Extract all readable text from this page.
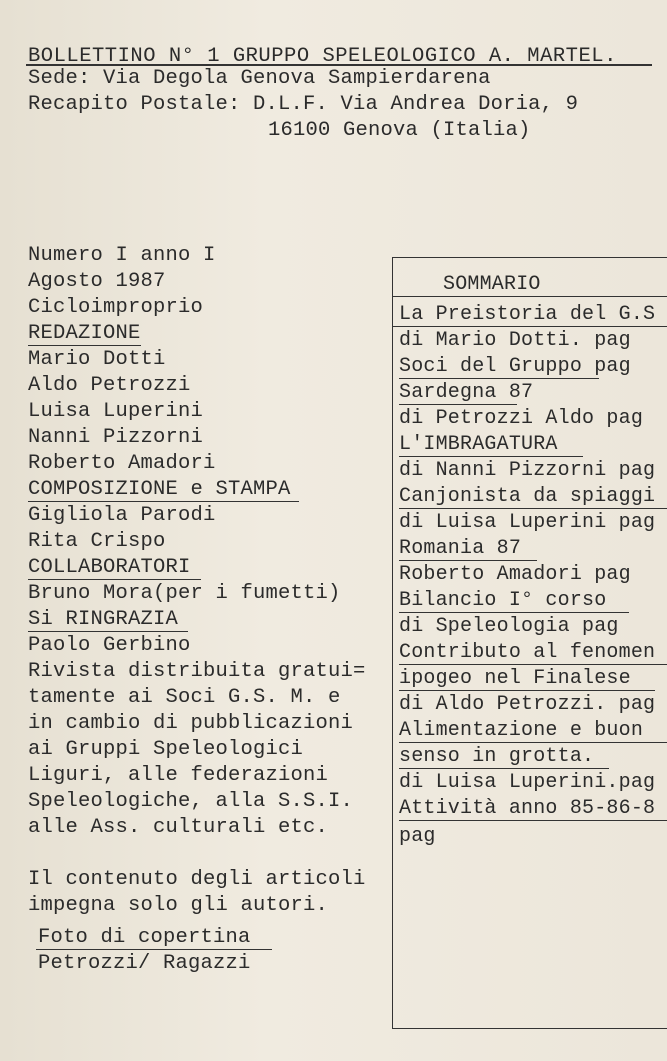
BOLLETTINO N° 1 GRUPPO SPELEOLOGICO A. MARTEL.
Sede: Via Degola Genova Sampierdarena
Recapito Postale: D.L.F. Via Andrea Doria, 9
16100 Genova (Italia)
Numero I anno I
Agosto 1987
Cicloimproprio
REDAZIONE
Mario Dotti
Aldo Petrozzi
Luisa Luperini
Nanni Pizzorni
Roberto Amadori
COMPOSIZIONE e STAMPA
Gigliola Parodi
Rita Crispo
COLLABORATORI
Bruno Mora(per i fumetti)
Si RINGRAZIA
Paolo Gerbino
Rivista distribuita gratui=
tamente ai Soci G.S. M. e
in cambio di pubblicazioni
ai Gruppi Speleologici
Liguri, alle federazioni
Speleologiche, alla S.S.I.
alle Ass. culturali etc.
Il contenuto degli articoli
impegna solo gli autori.
Foto di copertina
Petrozzi/ Ragazzi
SOMMARIO
La Preistoria del G.S
di Mario Dotti. pag
Soci del Gruppo pag
Sardegna 87
di Petrozzi Aldo pag
L'IMBRAGATURA
di Nanni Pizzorni pag
Canjonista da spiaggi
di Luisa Luperini pag
Romania 87
Roberto Amadori pag
Bilancio I° corso
di Speleologia pag
Contributo al fenomen
ipogeo nel Finalese
di Aldo Petrozzi. pag
Alimentazione e buon
senso in grotta.
di Luisa Luperini.pag
Attività anno 85-86-8
pag
